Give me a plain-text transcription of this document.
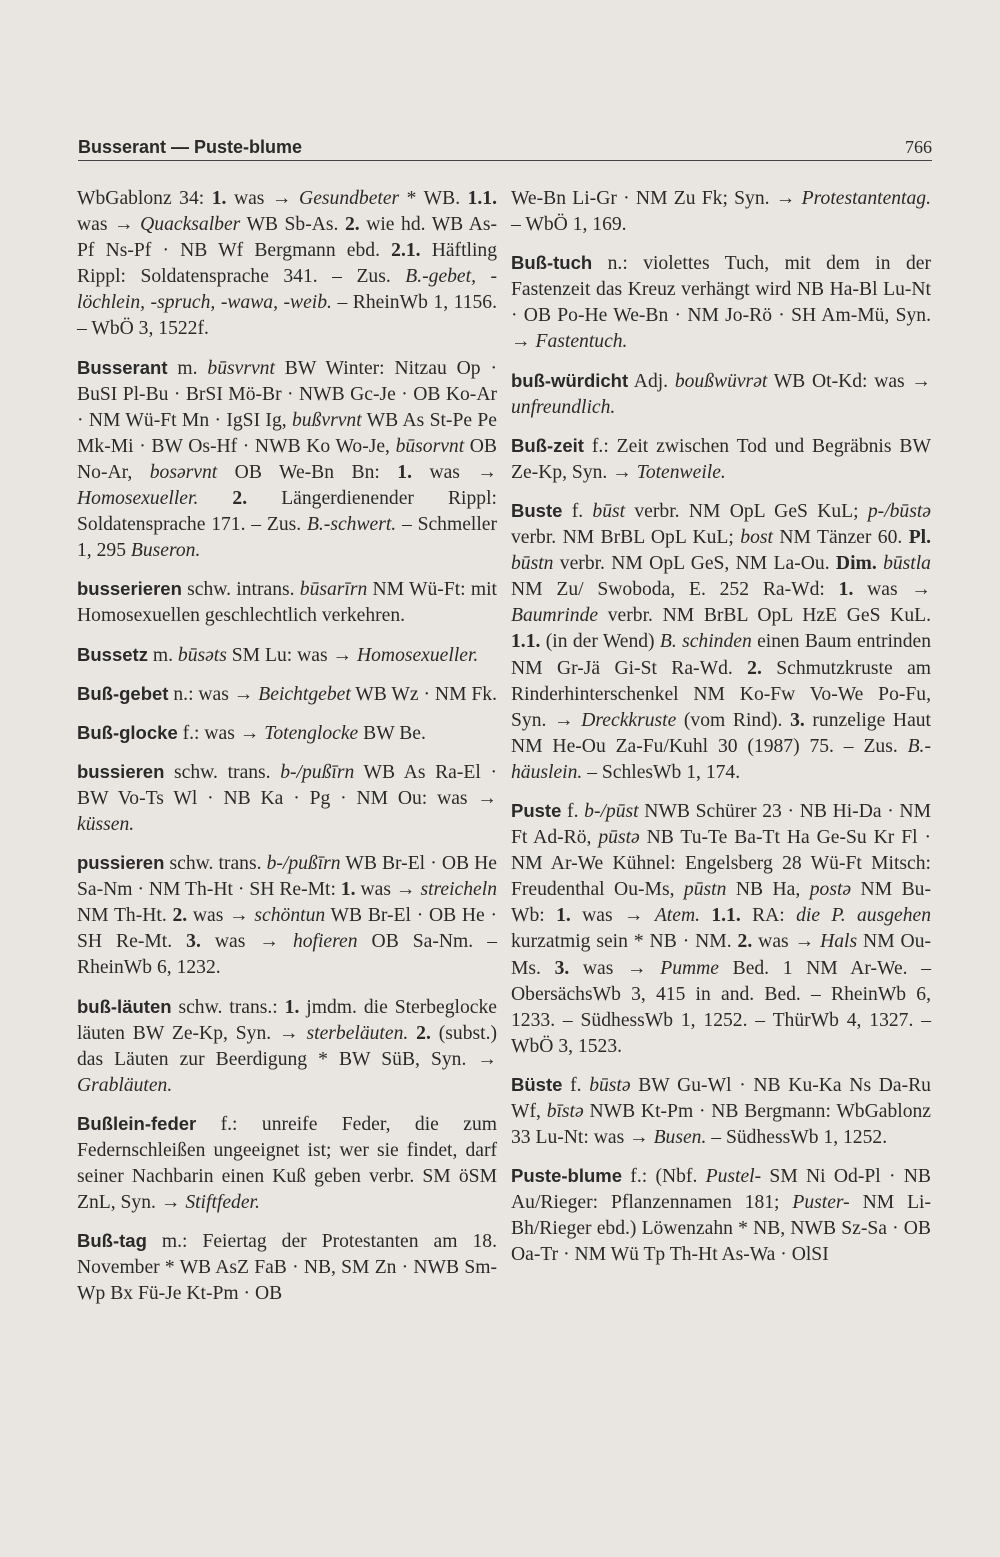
Busserant — Puste-blume	766

WbGablonz 34: 1. was → Gesundbeter * WB. 1.1. was → Quacksalber WB Sb-As. 2. wie hd. WB As-Pf Ns-Pf · NB Wf Bergmann ebd. 2.1. Häftling Rippl: Soldatensprache 341. – Zus. B.-gebet, -löchlein, -spruch, -wawa, -weib. – RheinWb 1, 1156. – WbÖ 3, 1522f.

Busserant m. būsvrvnt BW Winter: Nitzau Op · BuSI Pl-Bu · BrSI Mö-Br · NWB Gc-Je · OB Ko-Ar · NM Wü-Ft Mn · IgSI Ig, bußvrvnt WB As St-Pe Pe Mk-Mi · BW Os-Hf · NWB Ko Wo-Je, būsorvnt OB No-Ar, bosərvnt OB We-Bn Bn: 1. was → Homosexueller. 2. Längerdienender Rippl: Soldatensprache 171. – Zus. B.-schwert. – Schmeller 1, 295 Buseron.

busserieren schw. intrans. būsarīrn NM Wü-Ft: mit Homosexuellen geschlechtlich verkehren.

Bussetz m. būsəts SM Lu: was → Homosexueller.

Buß-gebet n.: was → Beichtgebet WB Wz · NM Fk.

Buß-glocke f.: was → Totenglocke BW Be.

bussieren schw. trans. b-/pußīrn WB As Ra-El · BW Vo-Ts Wl · NB Ka · Pg · NM Ou: was → küssen.

pussieren schw. trans. b-/pußīrn WB Br-El · OB He Sa-Nm · NM Th-Ht · SH Re-Mt: 1. was → streicheln NM Th-Ht. 2. was → schöntun WB Br-El · OB He · SH Re-Mt. 3. was → hofieren OB Sa-Nm. – RheinWb 6, 1232.

buß-läuten schw. trans.: 1. jmdm. die Sterbeglocke läuten BW Ze-Kp, Syn. → sterbeläuten. 2. (subst.) das Läuten zur Beerdigung * BW SüB, Syn. → Grabläuten.

Bußlein-feder f.: unreife Feder, die zum Federnschleißen ungeeignet ist; wer sie findet, darf seiner Nachbarin einen Kuß geben verbr. SM öSM ZnL, Syn. → Stiftfeder.

Buß-tag m.: Feiertag der Protestanten am 18. November * WB AsZ FaB · NB, SM Zn · NWB Sm-Wp Bx Fü-Je Kt-Pm · OB

We-Bn Li-Gr · NM Zu Fk; Syn. → Protestantentag. – WbÖ 1, 169.

Buß-tuch n.: violettes Tuch, mit dem in der Fastenzeit das Kreuz verhängt wird NB Ha-Bl Lu-Nt · OB Po-He We-Bn · NM Jo-Rö · SH Am-Mü, Syn. → Fastentuch.

buß-würdicht Adj. boußwüvrət WB Ot-Kd: was → unfreundlich.

Buß-zeit f.: Zeit zwischen Tod und Begräbnis BW Ze-Kp, Syn. → Totenweile.

Buste f. būst verbr. NM OpL GeS KuL; p-/būstə verbr. NM BrBL OpL KuL; bost NM Tänzer 60. Pl. būstn verbr. NM OpL GeS, NM La-Ou. Dim. būstla NM Zu/ Swoboda, E. 252 Ra-Wd: 1. was → Baumrinde verbr. NM BrBL OpL HzE GeS KuL. 1.1. (in der Wend) B. schinden einen Baum entrinden NM Gr-Jä Gi-St Ra-Wd. 2. Schmutzkruste am Rinderhinterschenkel NM Ko-Fw Vo-We Po-Fu, Syn. → Dreckkruste (vom Rind). 3. runzelige Haut NM He-Ou Za-Fu/Kuhl 30 (1987) 75. – Zus. B.-häuslein. – SchlesWb 1, 174.

Puste f. b-/pūst NWB Schürer 23 · NB Hi-Da · NM Ft Ad-Rö, pūstə NB Tu-Te Ba-Tt Ha Ge-Su Kr Fl · NM Ar-We Kühnel: Engelsberg 28 Wü-Ft Mitsch: Freudenthal Ou-Ms, pūstn NB Ha, postə NM Bu-Wb: 1. was → Atem. 1.1. RA: die P. ausgehen kurzatmig sein * NB · NM. 2. was → Hals NM Ou-Ms. 3. was → Pumme Bed. 1 NM Ar-We. – ObersächsWb 3, 415 in and. Bed. – RheinWb 6, 1233. – SüdhessWb 1, 1252. – ThürWb 4, 1327. – WbÖ 3, 1523.

Büste f. būstə BW Gu-Wl · NB Ku-Ka Ns Da-Ru Wf, bīstə NWB Kt-Pm · NB Bergmann: WbGablonz 33 Lu-Nt: was → Busen. – SüdhessWb 1, 1252.

Puste-blume f.: (Nbf. Pustel- SM Ni Od-Pl · NB Au/Rieger: Pflanzennamen 181; Puster- NM Li-Bh/Rieger ebd.) Löwenzahn * NB, NWB Sz-Sa · OB Oa-Tr · NM Wü Tp Th-Ht As-Wa · OlSI
